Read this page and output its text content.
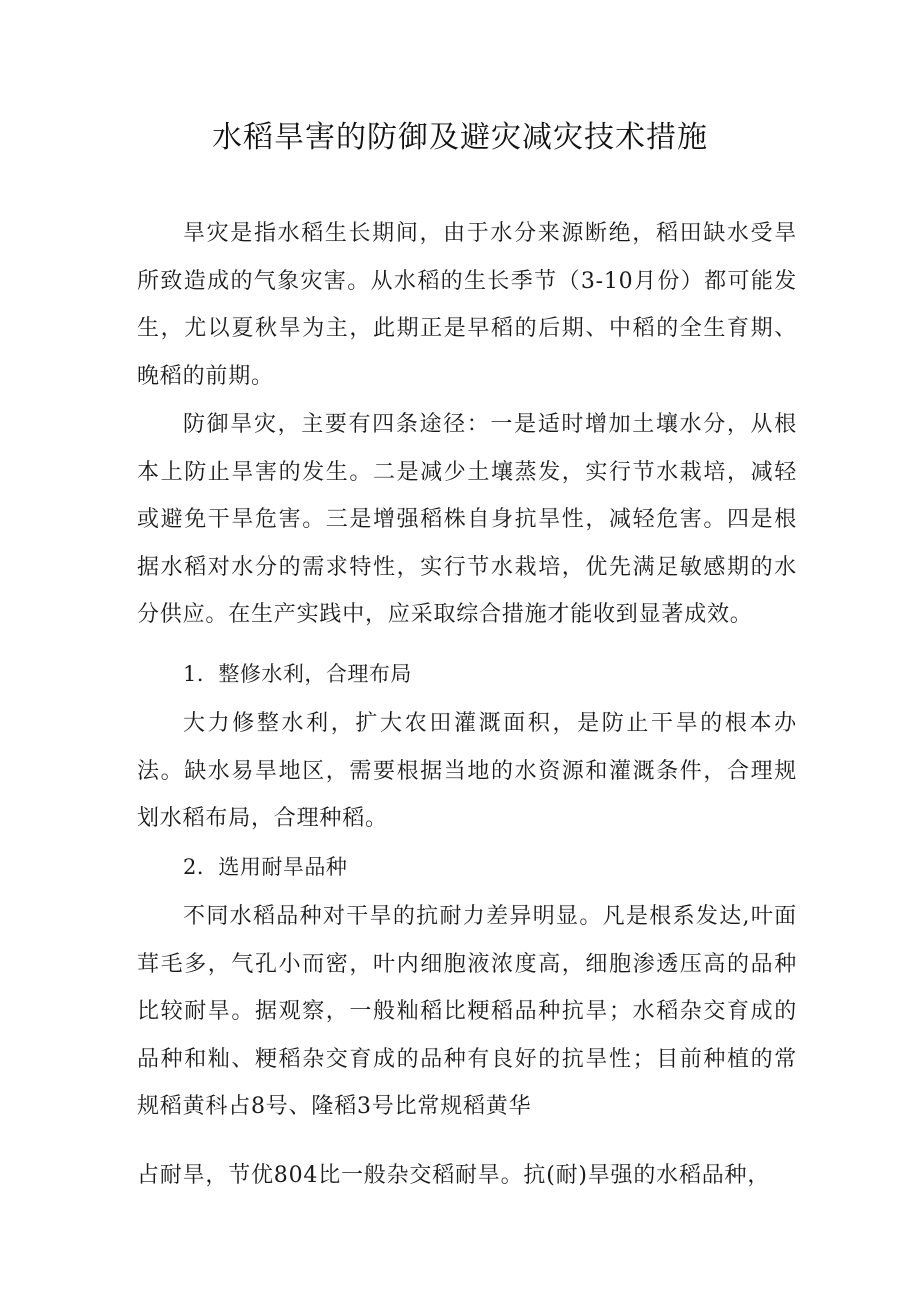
水稻旱害的防御及避灾减灾技术措施

旱灾是指水稻生长期间，由于水分来源断绝，稻田缺水受旱所致造成的气象灾害。从水稻的生长季节（3-10月份）都可能发生，尤以夏秋旱为主，此期正是早稻的后期、中稻的全生育期、晚稻的前期。

防御旱灾，主要有四条途径：一是适时增加土壤水分，从根本上防止旱害的发生。二是减少土壤蒸发，实行节水栽培，减轻或避免干旱危害。三是增强稻株自身抗旱性，减轻危害。四是根据水稻对水分的需求特性，实行节水栽培，优先满足敏感期的水分供应。在生产实践中，应采取综合措施才能收到显著成效。

1．整修水利，合理布局

大力修整水利，扩大农田灌溉面积，是防止干旱的根本办法。缺水易旱地区，需要根据当地的水资源和灌溉条件，合理规划水稻布局，合理种稻。

2．选用耐旱品种

不同水稻品种对干旱的抗耐力差异明显。凡是根系发达,叶面茸毛多，气孔小而密，叶内细胞液浓度高，细胞渗透压高的品种比较耐旱。据观察，一般籼稻比粳稻品种抗旱；水稻杂交育成的品种和籼、粳稻杂交育成的品种有良好的抗旱性；目前种植的常规稻黄科占8号、隆稻3号比常规稻黄华

占耐旱，节优804比一般杂交稻耐旱。抗(耐)旱强的水稻品种，
